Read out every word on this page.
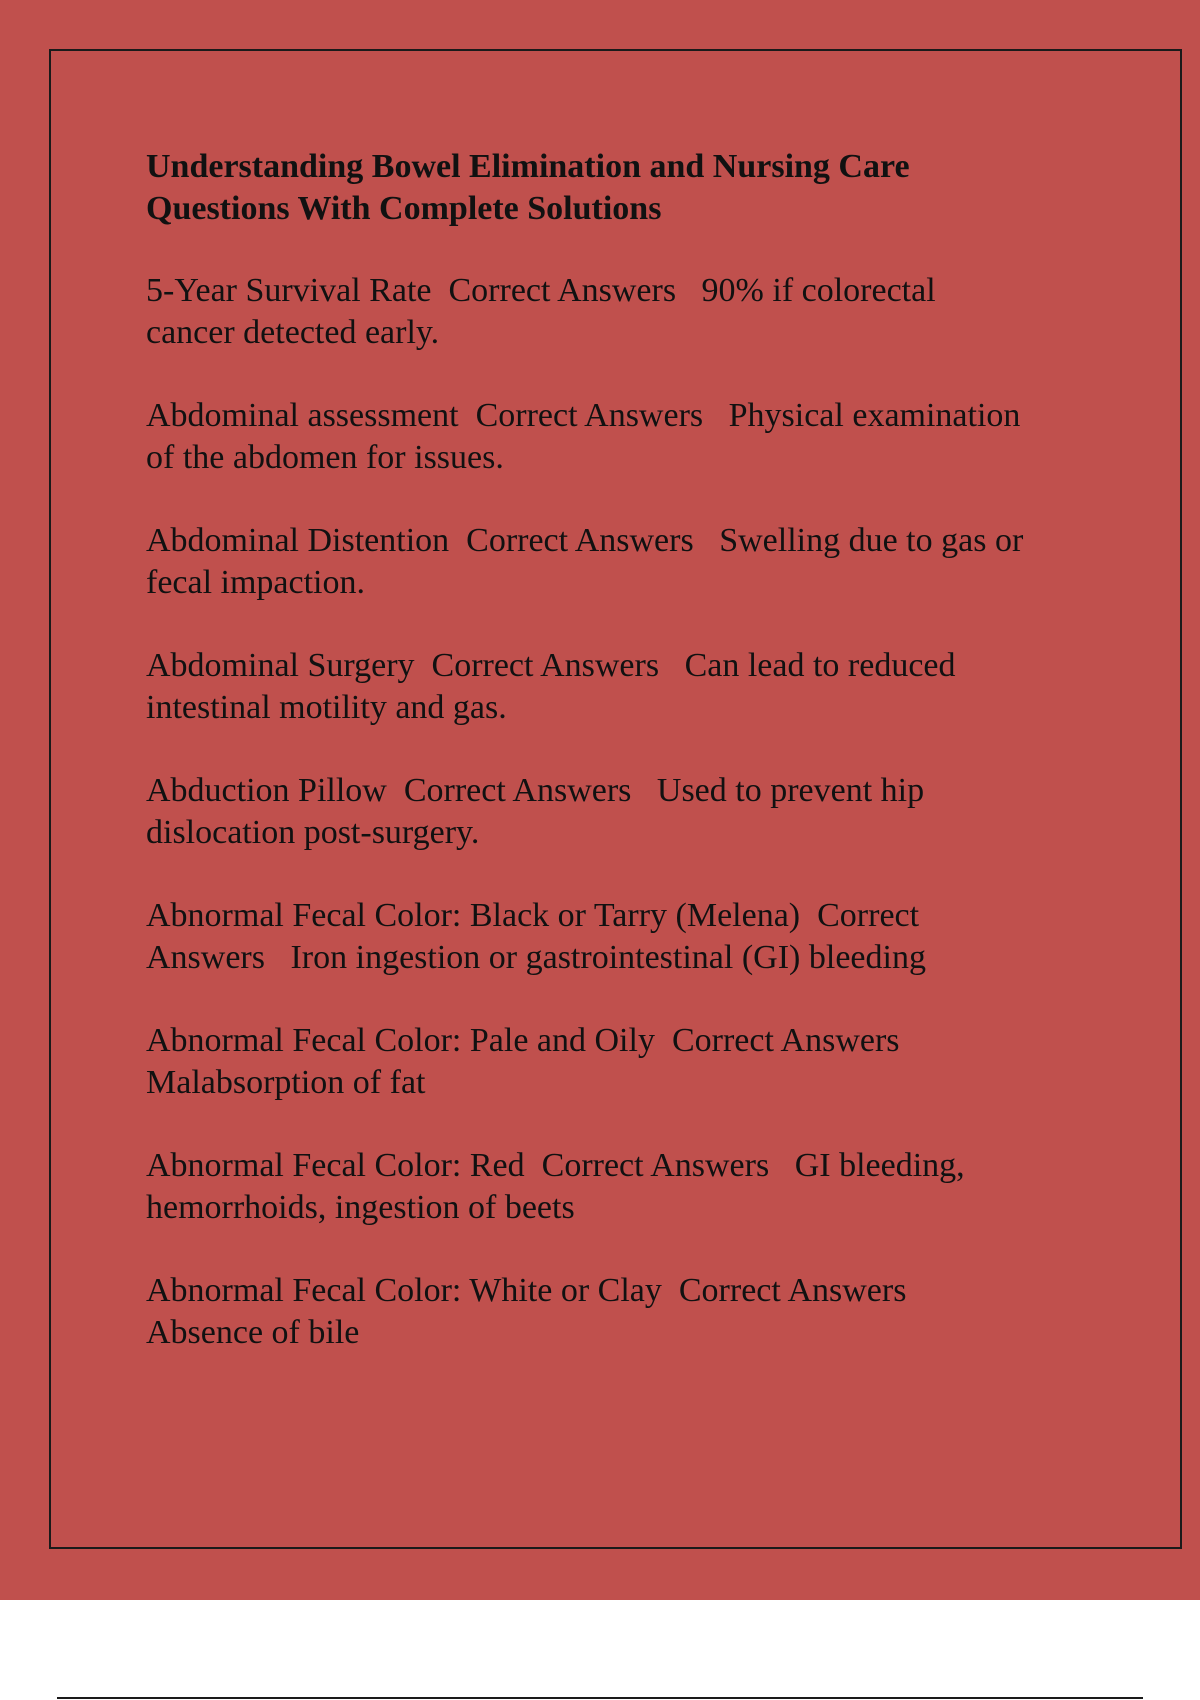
Understanding Bowel Elimination and Nursing Care
Questions With Complete Solutions

5-Year Survival Rate  Correct Answers   90% if colorectal
cancer detected early.

Abdominal assessment  Correct Answers   Physical examination
of the abdomen for issues.

Abdominal Distention  Correct Answers   Swelling due to gas or
fecal impaction.

Abdominal Surgery  Correct Answers   Can lead to reduced
intestinal motility and gas.

Abduction Pillow  Correct Answers   Used to prevent hip
dislocation post-surgery.

Abnormal Fecal Color: Black or Tarry (Melena)  Correct
Answers   Iron ingestion or gastrointestinal (GI) bleeding

Abnormal Fecal Color: Pale and Oily  Correct Answers
Malabsorption of fat

Abnormal Fecal Color: Red  Correct Answers   GI bleeding,
hemorrhoids, ingestion of beets

Abnormal Fecal Color: White or Clay  Correct Answers
Absence of bile
